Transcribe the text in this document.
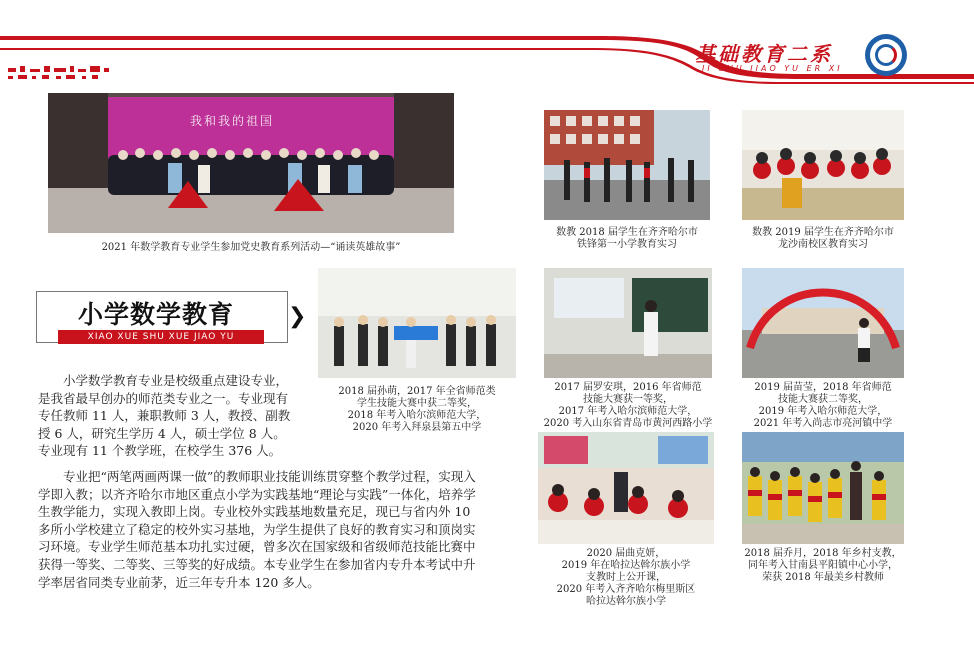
基础教育二系
JI CHU JIAO YU ER XI
2021 年数学教育专业学生参加党史教育系列活动—“诵读英雄故事”
我和我的祖国
数教 2018 届学生在齐齐哈尔市
铁锋第一小学教育实习
数教 2019 届学生在齐齐哈尔市
龙沙南校区教育实习
小学数学教育
XIAO XUE SHU XUE JIAO YU
❯
小学数学教育专业是校级重点建设专业，是我省最早创办的师范类专业之一。专业现有专任教师 11 人，兼职教师 3 人，教授、副教授 6 人，研究生学历 4 人，硕士学位 8 人。专业现有 11 个教学班，在校学生 376 人。
专业把“两笔两画两课一做”的教师职业技能训练贯穿整个教学过程，实现入学即入教；以齐齐哈尔市地区重点小学为实践基地“理论与实践”一体化，培养学生教学能力，实现入教即上岗。专业校外实践基地数量充足，现已与省内外 10 多所小学校建立了稳定的校外实习基地，为学生提供了良好的教育实习和顶岗实习环境。专业学生师范基本功扎实过硬，曾多次在国家级和省级师范技能比赛中获得一等奖、二等奖、三等奖的好成绩。本专业学生在参加省内专升本考试中升学率居省同类专业前茅，近三年专升本 120 多人。
2018 届孙萌，2017 年全省师范类
学生技能大赛中获二等奖，
2018 年考入哈尔滨师范大学，
2020 年考入拜泉县第五中学
2017 届罗安琪，2016 年省师范
技能大赛获一等奖，
2017 年考入哈尔滨师范大学，
2020 考入山东省青岛市黄河西路小学
2019 届苗莹，2018 年省师范
技能大赛获二等奖，
2019 年考入哈尔师范大学，
2021 年考入尚志市亮河镇中学
2020 届曲克妍，
2019 年在哈拉达斡尔族小学
支教时上公开课，
2020 年考入齐齐哈尔梅里斯区
哈拉达斡尔族小学
2018 届乔月，2018 年乡村支教，
同年考入甘南县平阳镇中心小学，
荣获 2018 年最美乡村教师
